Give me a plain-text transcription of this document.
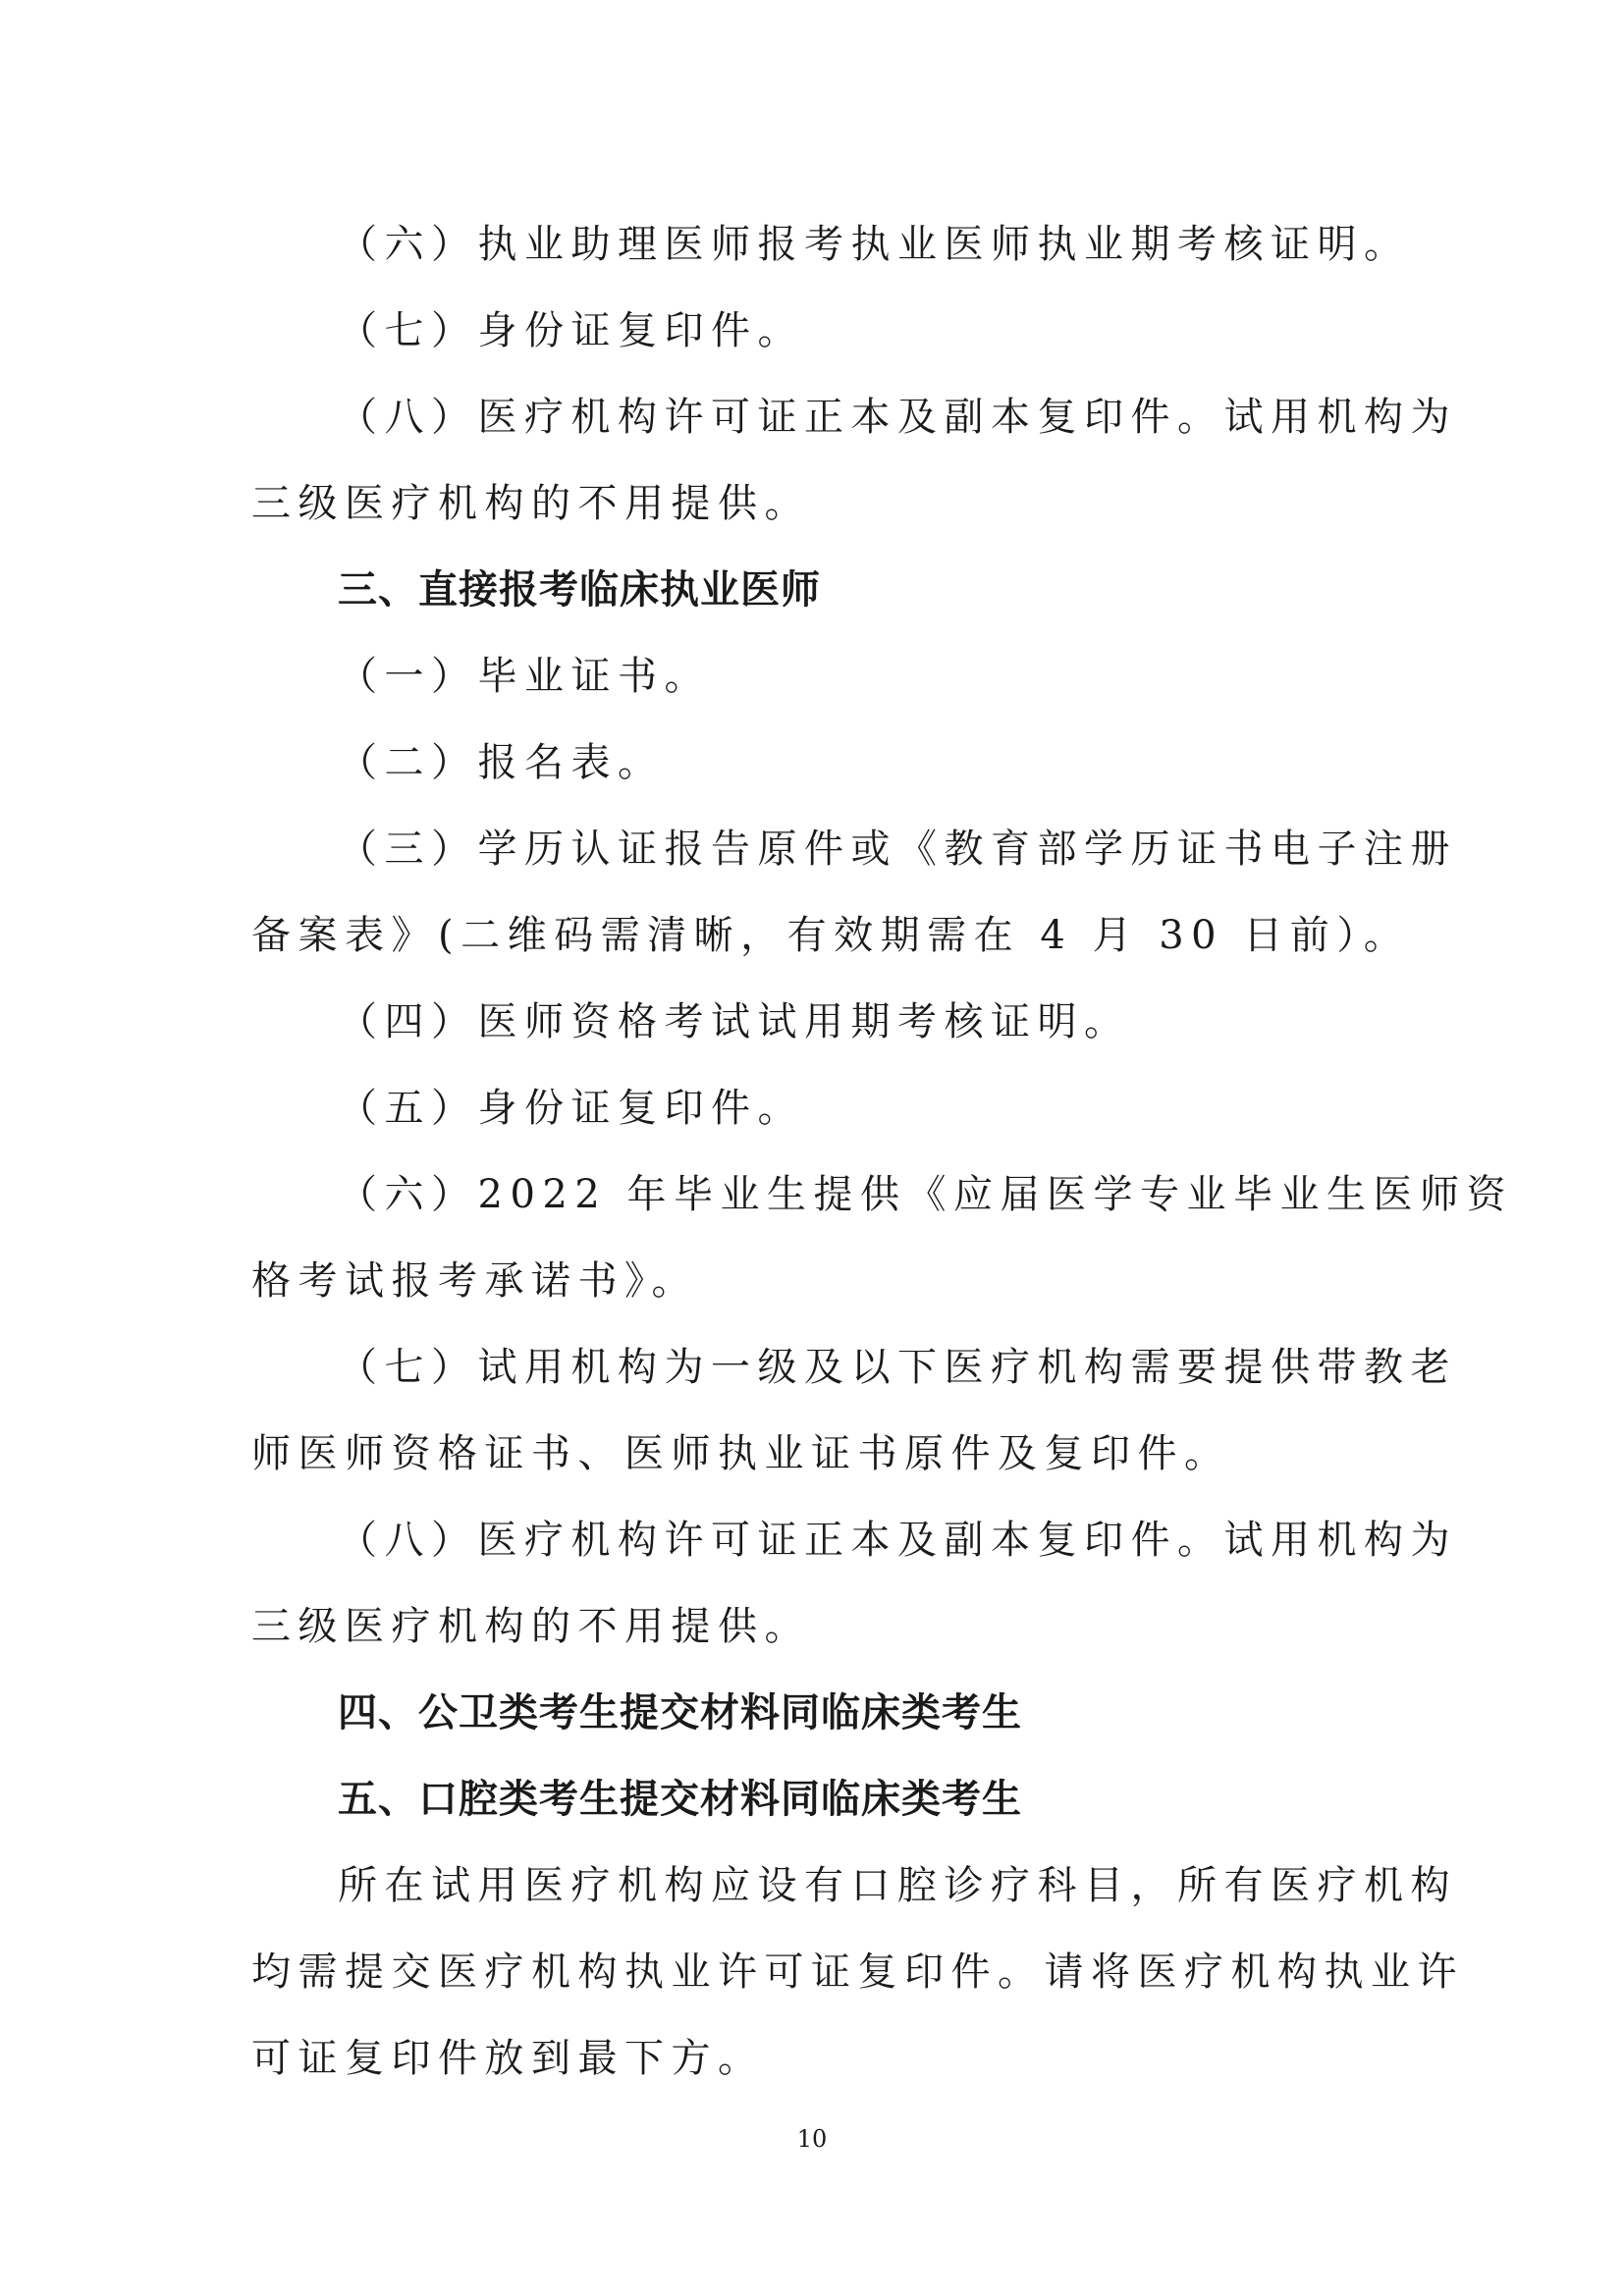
（六）执业助理医师报考执业医师执业期考核证明。
（七）身份证复印件。
（八）医疗机构许可证正本及副本复印件。试用机构为
三级医疗机构的不用提供。
三、直接报考临床执业医师
（一）毕业证书。
（二）报名表。
（三）学历认证报告原件或《教育部学历证书电子注册
备案表》(二维码需清晰，有效期需在 4 月 30 日前）。
（四）医师资格考试试用期考核证明。
（五）身份证复印件。
（六）2022 年毕业生提供《应届医学专业毕业生医师资
格考试报考承诺书》。
（七）试用机构为一级及以下医疗机构需要提供带教老
师医师资格证书、医师执业证书原件及复印件。
（八）医疗机构许可证正本及副本复印件。试用机构为
三级医疗机构的不用提供。
四、公卫类考生提交材料同临床类考生
五、口腔类考生提交材料同临床类考生
所在试用医疗机构应设有口腔诊疗科目，所有医疗机构
均需提交医疗机构执业许可证复印件。请将医疗机构执业许
可证复印件放到最下方。
10
